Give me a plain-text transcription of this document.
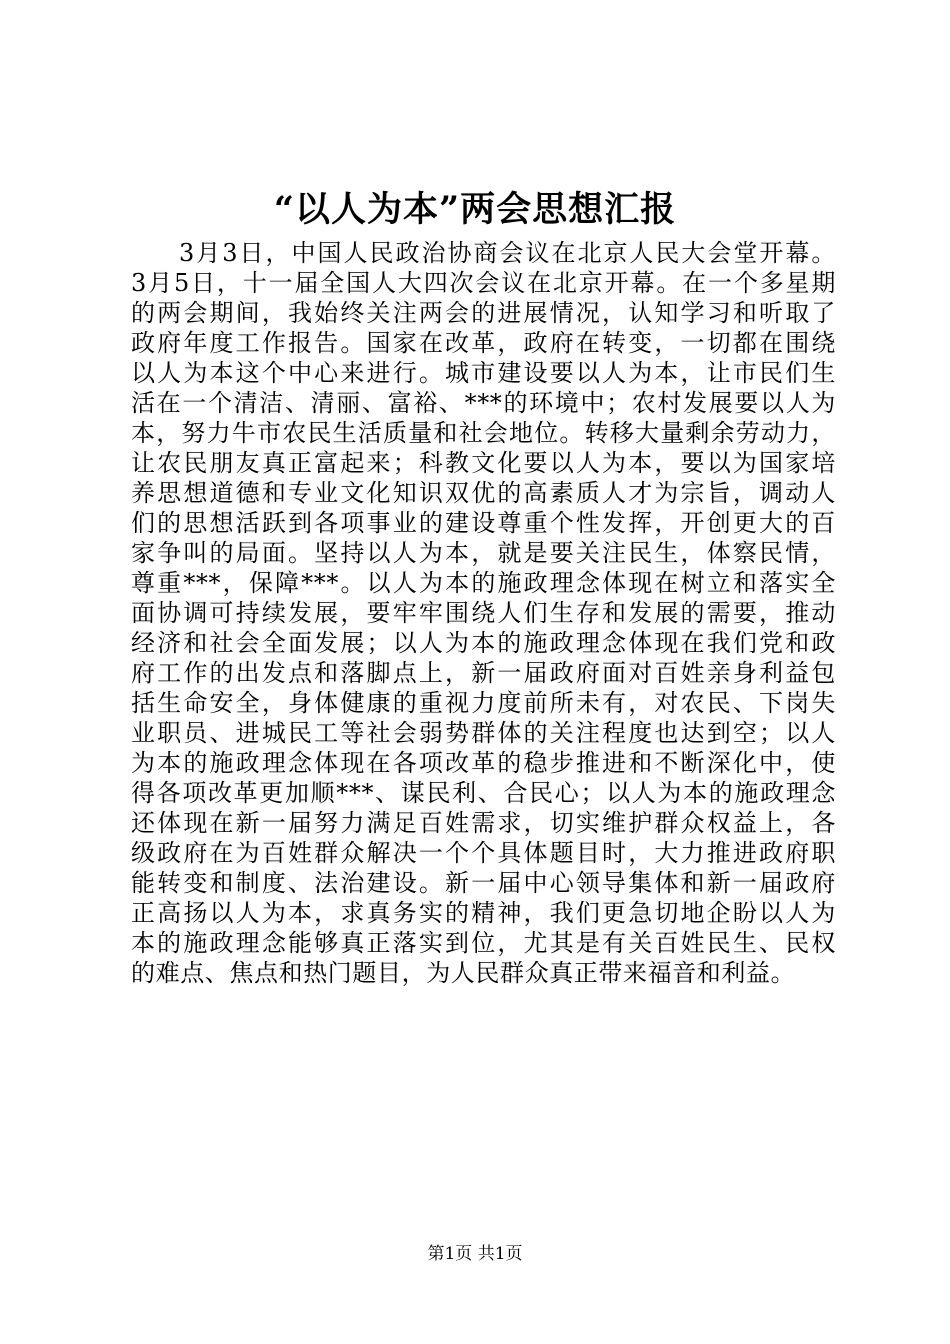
“以人为本”两会思想汇报
3月3日，中国人民政治协商会议在北京人民大会堂开幕。
3月5日，十一届全国人大四次会议在北京开幕。在一个多星期
的两会期间，我始终关注两会的进展情况，认知学习和听取了
政府年度工作报告。国家在改革，政府在转变，一切都在围绕
以人为本这个中心来进行。城市建设要以人为本，让市民们生
活在一个清洁、清丽、富裕、***的环境中；农村发展要以人为
本，努力牛市农民生活质量和社会地位。转移大量剩余劳动力，
让农民朋友真正富起来；科教文化要以人为本，要以为国家培
养思想道德和专业文化知识双优的高素质人才为宗旨，调动人
们的思想活跃到各项事业的建设尊重个性发挥，开创更大的百
家争叫的局面。坚持以人为本，就是要关注民生，体察民情，
尊重***，保障***。以人为本的施政理念体现在树立和落实全
面协调可持续发展，要牢牢围绕人们生存和发展的需要，推动
经济和社会全面发展；以人为本的施政理念体现在我们党和政
府工作的出发点和落脚点上，新一届政府面对百姓亲身利益包
括生命安全，身体健康的重视力度前所未有，对农民、下岗失
业职员、进城民工等社会弱势群体的关注程度也达到空；以人
为本的施政理念体现在各项改革的稳步推进和不断深化中，使
得各项改革更加顺***、谋民利、合民心；以人为本的施政理念
还体现在新一届努力满足百姓需求，切实维护群众权益上，各
级政府在为百姓群众解决一个个具体题目时，大力推进政府职
能转变和制度、法治建设。新一届中心领导集体和新一届政府
正高扬以人为本，求真务实的精神，我们更急切地企盼以人为
本的施政理念能够真正落实到位，尤其是有关百姓民生、民权
的难点、焦点和热门题目，为人民群众真正带来福音和利益。
第1页 共1页
